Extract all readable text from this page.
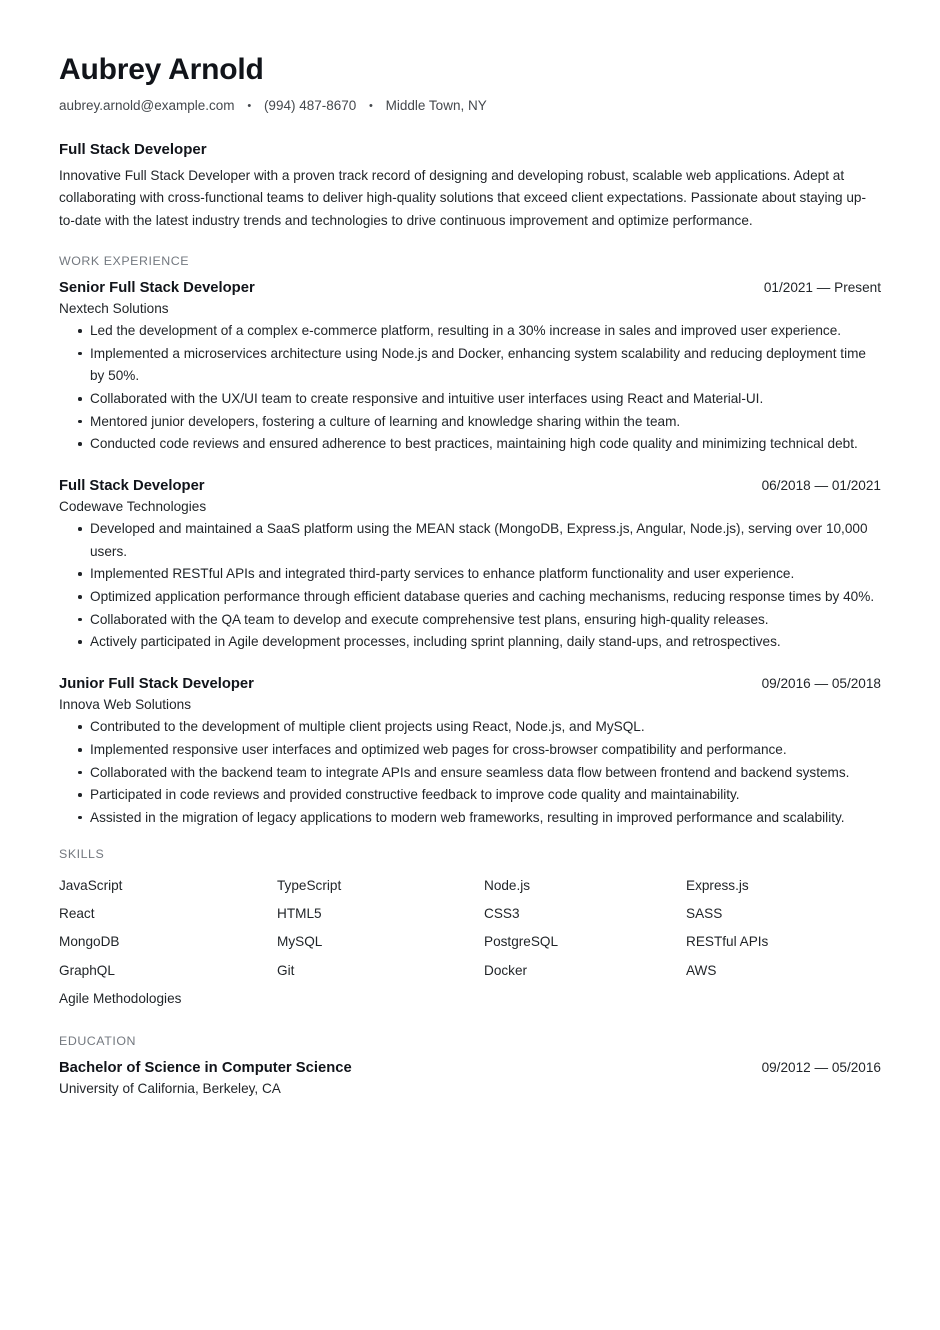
Aubrey Arnold
aubrey.arnold@example.com • (994) 487-8670 • Middle Town, NY
Full Stack Developer
Innovative Full Stack Developer with a proven track record of designing and developing robust, scalable web applications. Adept at collaborating with cross-functional teams to deliver high-quality solutions that exceed client expectations. Passionate about staying up-to-date with the latest industry trends and technologies to drive continuous improvement and optimize performance.
WORK EXPERIENCE
Senior Full Stack Developer	01/2021 — Present
Nextech Solutions
Led the development of a complex e-commerce platform, resulting in a 30% increase in sales and improved user experience.
Implemented a microservices architecture using Node.js and Docker, enhancing system scalability and reducing deployment time by 50%.
Collaborated with the UX/UI team to create responsive and intuitive user interfaces using React and Material-UI.
Mentored junior developers, fostering a culture of learning and knowledge sharing within the team.
Conducted code reviews and ensured adherence to best practices, maintaining high code quality and minimizing technical debt.
Full Stack Developer	06/2018 — 01/2021
Codewave Technologies
Developed and maintained a SaaS platform using the MEAN stack (MongoDB, Express.js, Angular, Node.js), serving over 10,000 users.
Implemented RESTful APIs and integrated third-party services to enhance platform functionality and user experience.
Optimized application performance through efficient database queries and caching mechanisms, reducing response times by 40%.
Collaborated with the QA team to develop and execute comprehensive test plans, ensuring high-quality releases.
Actively participated in Agile development processes, including sprint planning, daily stand-ups, and retrospectives.
Junior Full Stack Developer	09/2016 — 05/2018
Innova Web Solutions
Contributed to the development of multiple client projects using React, Node.js, and MySQL.
Implemented responsive user interfaces and optimized web pages for cross-browser compatibility and performance.
Collaborated with the backend team to integrate APIs and ensure seamless data flow between frontend and backend systems.
Participated in code reviews and provided constructive feedback to improve code quality and maintainability.
Assisted in the migration of legacy applications to modern web frameworks, resulting in improved performance and scalability.
SKILLS
JavaScript	TypeScript	Node.js	Express.js
React	HTML5	CSS3	SASS
MongoDB	MySQL	PostgreSQL	RESTful APIs
GraphQL	Git	Docker	AWS
Agile Methodologies
EDUCATION
Bachelor of Science in Computer Science	09/2012 — 05/2016
University of California, Berkeley, CA
